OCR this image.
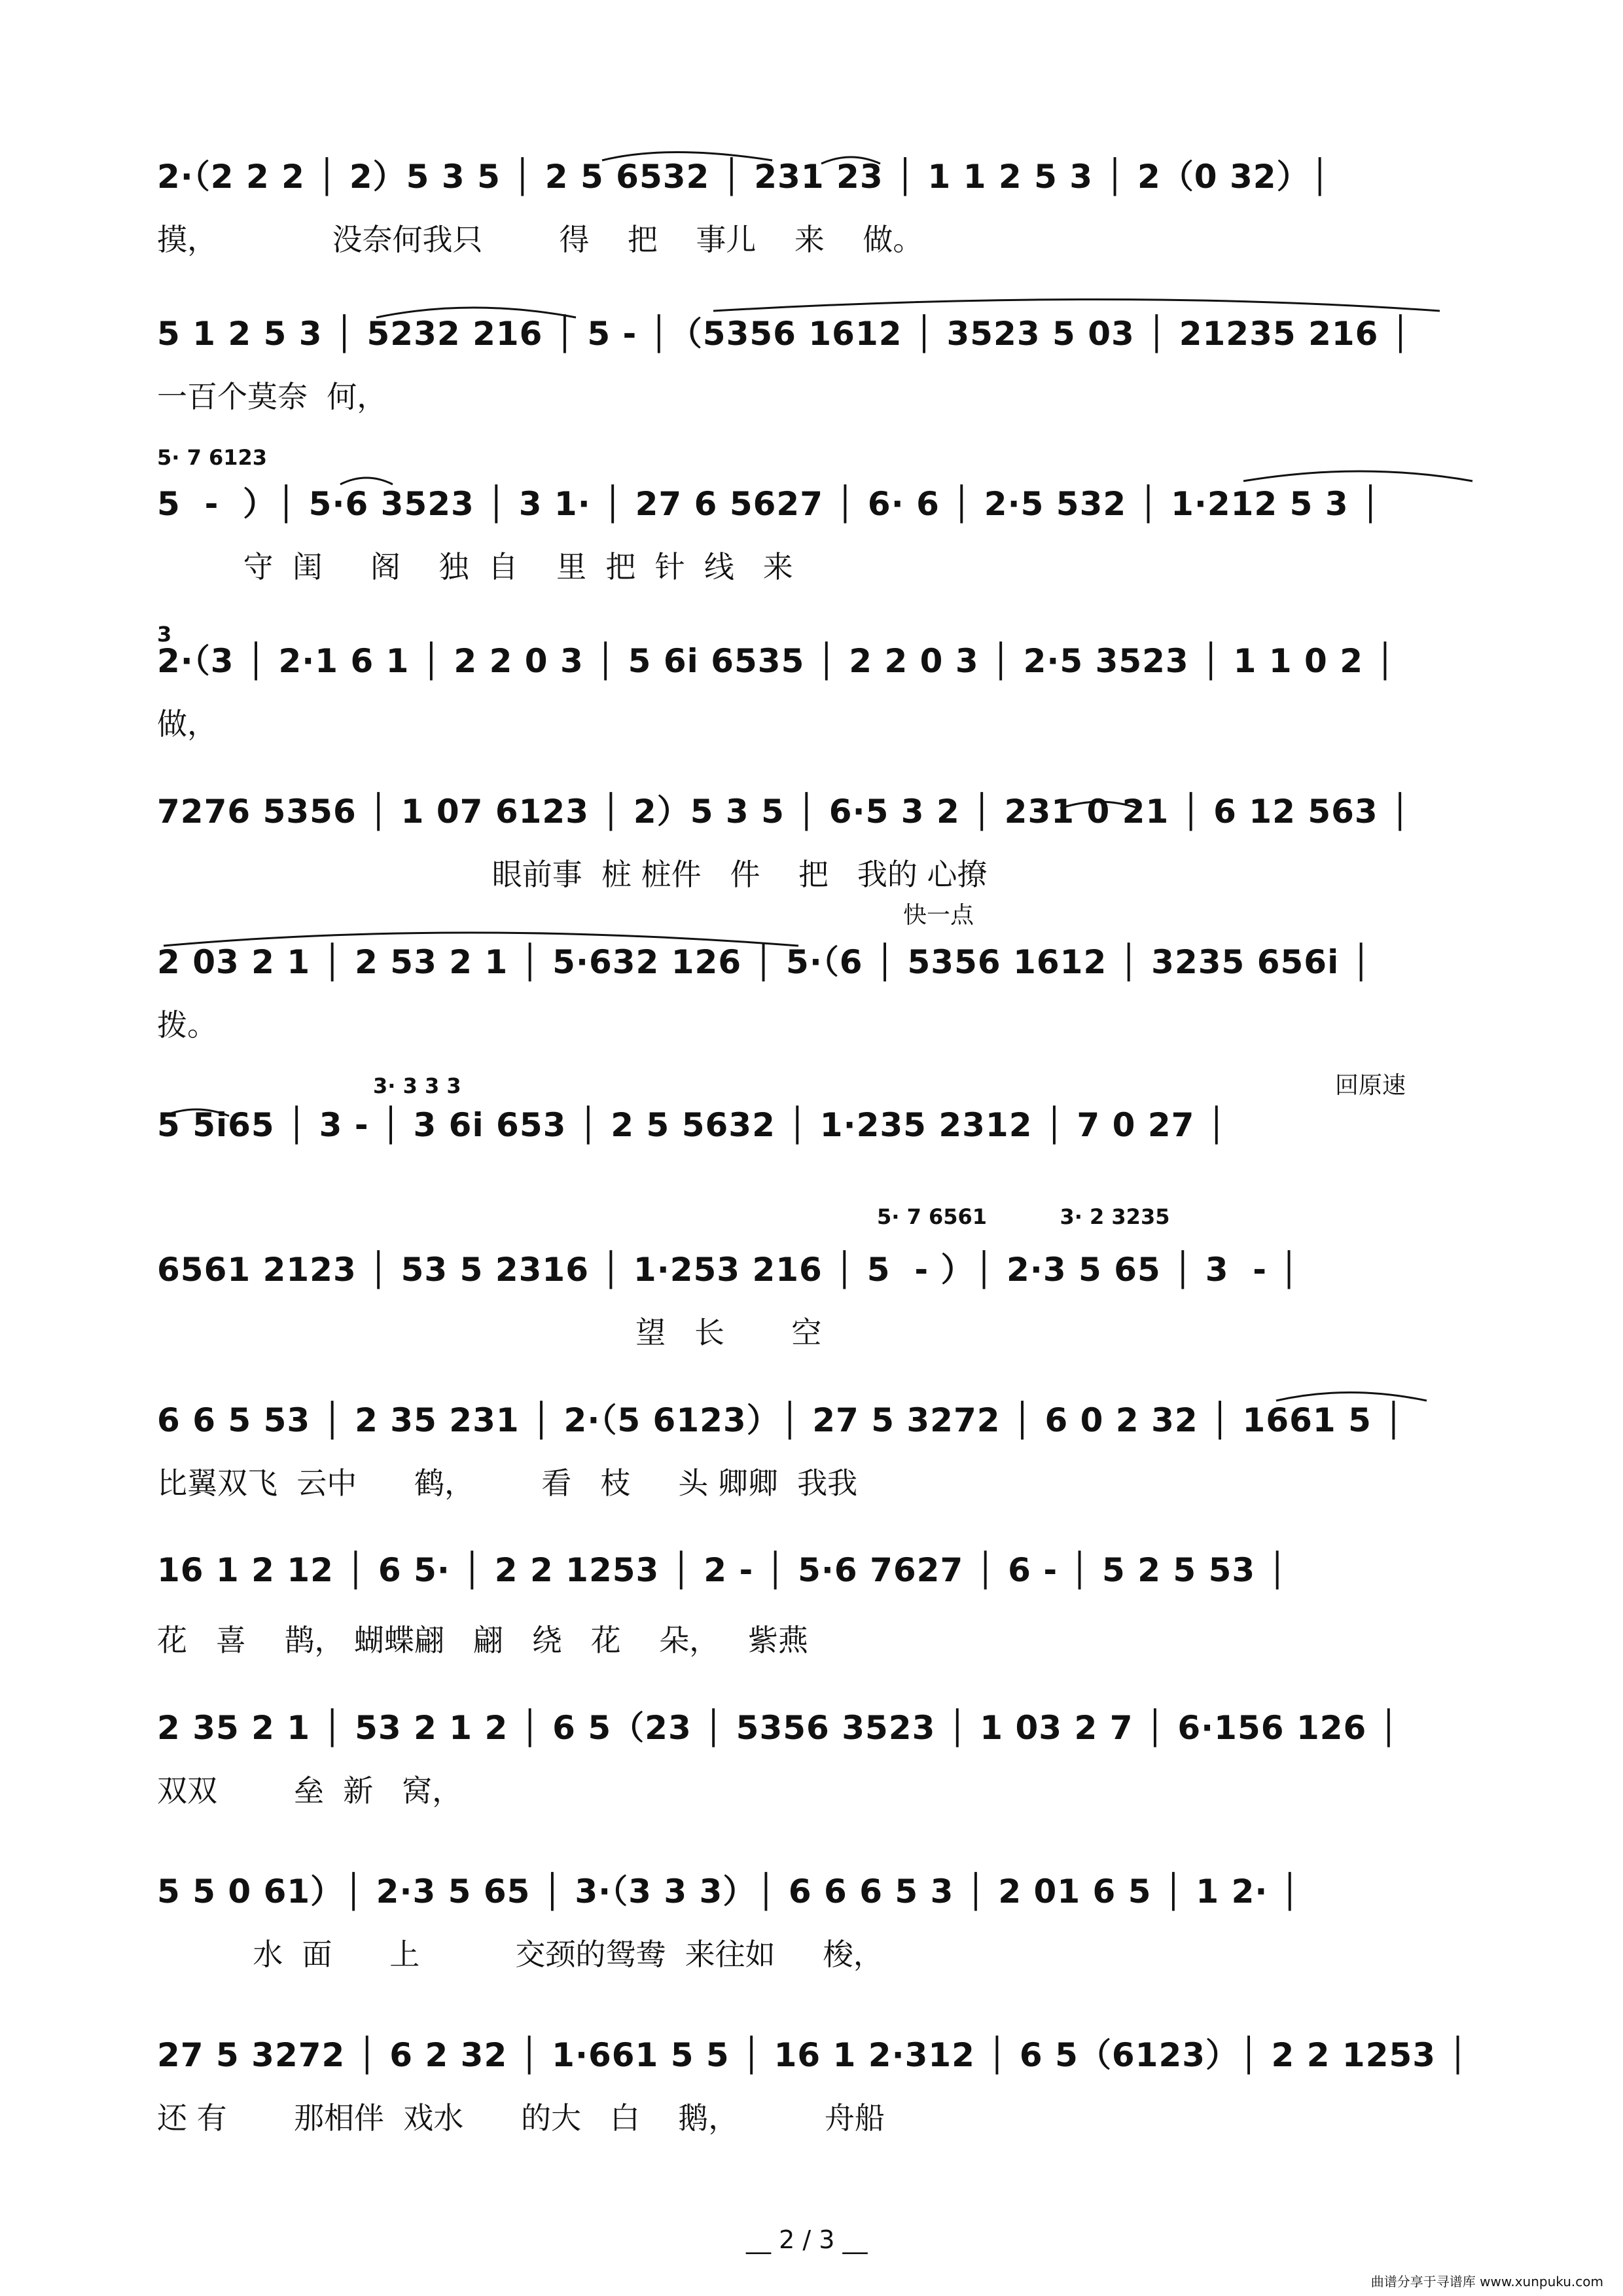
2·（2 2 2 │ 2）5 3 5 │ 2 5 6532 │ 231 23 │ 1 1 2 5 3 │ 2（0 32）│
摸，            没奈何我只        得    把    事儿    来    做。
5 1 2 5 3 │ 5232 216 │ 5 - │（5356 1612 │ 3523 5 03 │ 21235 216 │
一百个莫奈  何，
5· 7 6123
5  -  ）│ 5·6 3523 │ 3 1· │ 27 6 5627 │ 6· 6 │ 2·5 532 │ 1·212 5 3 │
守  闺     阁    独  自    里  把  针  线   来
3
2·（3 │ 2·1 6 1 │ 2 2 0 3 │ 5 6i 6535 │ 2 2 0 3 │ 2·5 3523 │ 1 1 0 2 │
做，
7276 5356 │ 1 07 6123 │ 2）5 3 5 │ 6·5 3 2 │ 231 0 21 │ 6 12 563 │
眼前事  桩 桩件   件    把   我的 心撩
快一点
2 03 2 1 │ 2 53 2 1 │ 5·632 126 │ 5·（6 │ 5356 1612 │ 3235 656i │
拨。
回原速
3· 3 3 3
5 5i65 │ 3 - │ 3 6i 653 │ 2 5 5632 │ 1·235 2312 │ 7 0 27 │
5· 7 6561          3· 2 3235
6561 2123 │ 53 5 2316 │ 1·253 216 │ 5  - ）│ 2·3 5 65 │ 3  - │
望   长       空
6 6 5 53 │ 2 35 231 │ 2·（5 6123）│ 27 5 3272 │ 6 0 2 32 │ 1661 5 │
比翼双飞  云中      鹤，       看   枝     头 卿卿  我我
16 1 2 12 │ 6 5· │ 2 2 1253 │ 2 - │ 5·6 7627 │ 6 - │ 5 2 5 53 │
花   喜    鹊， 蝴蝶翩   翩   绕   花    朵，   紫燕
2 35 2 1 │ 53 2 1 2 │ 6 5（23 │ 5356 3523 │ 1 03 2 7 │ 6·156 126 │
双双        垒  新   窝，
5 5 0 61）│ 2·3 5 65 │ 3·（3 3 3）│ 6 6 6 5 3 │ 2 01 6 5 │ 1 2· │
水  面      上          交颈的鸳鸯  来往如     梭，
27 5 3272 │ 6 2 32 │ 1·661 5 5 │ 16 1 2·312 │ 6 5（6123）│ 2 2 1253 │
还 有       那相伴  戏水      的大   白    鹅，         舟船
__ 2 / 3 __
曲谱分享于寻谱库 www.xunpuku.com
